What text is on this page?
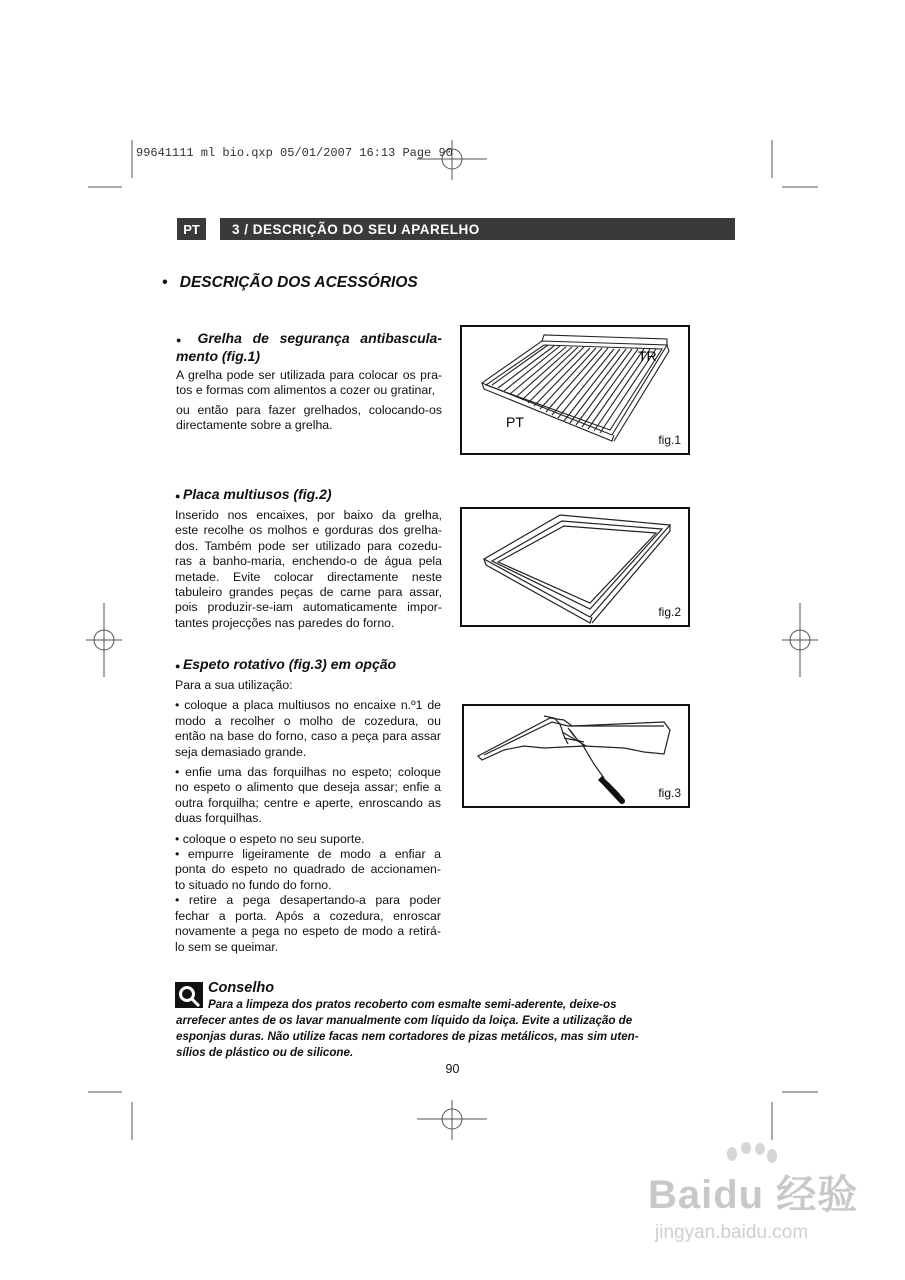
99641111 ml bio.qxp 05/01/2007 16:13 Page 90
PT	3 / DESCRIÇÃO DO SEU APARELHO
• DESCRIÇÃO DOS ACESSÓRIOS
● Grelha de segurança antibascula-
mento (fig.1)

A grelha pode ser utilizada para colocar os pra-

tos e formas com alimentos a cozer ou gratinar,

ou então para fazer grelhados, colocando-os

directamente sobre a grelha.

TR
PT
fig.1
● Placa multiusos (fig.2)

Inserido nos encaixes, por baixo da grelha,

este recolhe os molhos e gorduras dos grelha-

dos. Também pode ser utilizado para cozedu-

ras a banho-maria, enchendo-o de água pela

metade. Evite colocar directamente neste

tabuleiro grandes peças de carne para assar,

pois produzir-se-iam automaticamente impor-

tantes projecções nas paredes do forno.

fig.2
● Espeto rotativo (fig.3) em opção

Para a sua utilização:

• coloque a placa multiusos no encaixe n.º1 de

modo a recolher o molho de cozedura, ou

então na base do forno, caso a peça para assar

seja demasiado grande.

• enfie uma das forquilhas no espeto; coloque

no espeto o alimento que deseja assar; enfie a

outra forquilha; centre e aperte, enroscando as

duas forquilhas.

• coloque o espeto no seu suporte.

• empurre ligeiramente de modo a enfiar a

ponta do espeto no quadrado de accionamen-

to situado no fundo do forno.

• retire a pega desapertando-a para poder

fechar a porta. Após a cozedura, enroscar

novamente a pega no espeto de modo a retirá-

lo sem se queimar.

fig.3
Conselho
Para a limpeza dos pratos recoberto com esmalte semi-aderente, deixe-os
arrefecer antes de os lavar manualmente com líquido da loiça. Evite a utilização de
esponjas duras. Não utilize facas nem cortadores de pizas metálicos, mas sim uten-
sílios de plástico ou de silicone.
90
Baidu 经验
jingyan.baidu.com
